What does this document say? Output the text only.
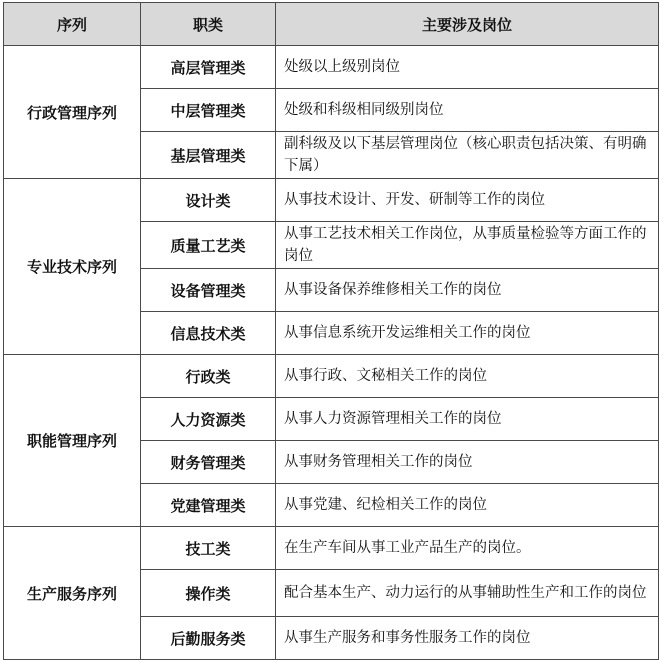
序列	职类	主要涉及岗位
行政管理序列	高层管理类	处级以上级别岗位
	中层管理类	处级和科级相同级别岗位
	基层管理类	副科级及以下基层管理岗位（核心职责包括决策、有明确下属）
专业技术序列	设计类	从事技术设计、开发、研制等工作的岗位
	质量工艺类	从事工艺技术相关工作岗位，从事质量检验等方面工作的岗位
	设备管理类	从事设备保养维修相关工作的岗位
	信息技术类	从事信息系统开发运维相关工作的岗位
职能管理序列	行政类	从事行政、文秘相关工作的岗位
	人力资源类	从事人力资源管理相关工作的岗位
	财务管理类	从事财务管理相关工作的岗位
	党建管理类	从事党建、纪检相关工作的岗位
生产服务序列	技工类	在生产车间从事工业产品生产的岗位。
	操作类	配合基本生产、动力运行的从事辅助性生产和工作的岗位
	后勤服务类	从事生产服务和事务性服务工作的岗位
